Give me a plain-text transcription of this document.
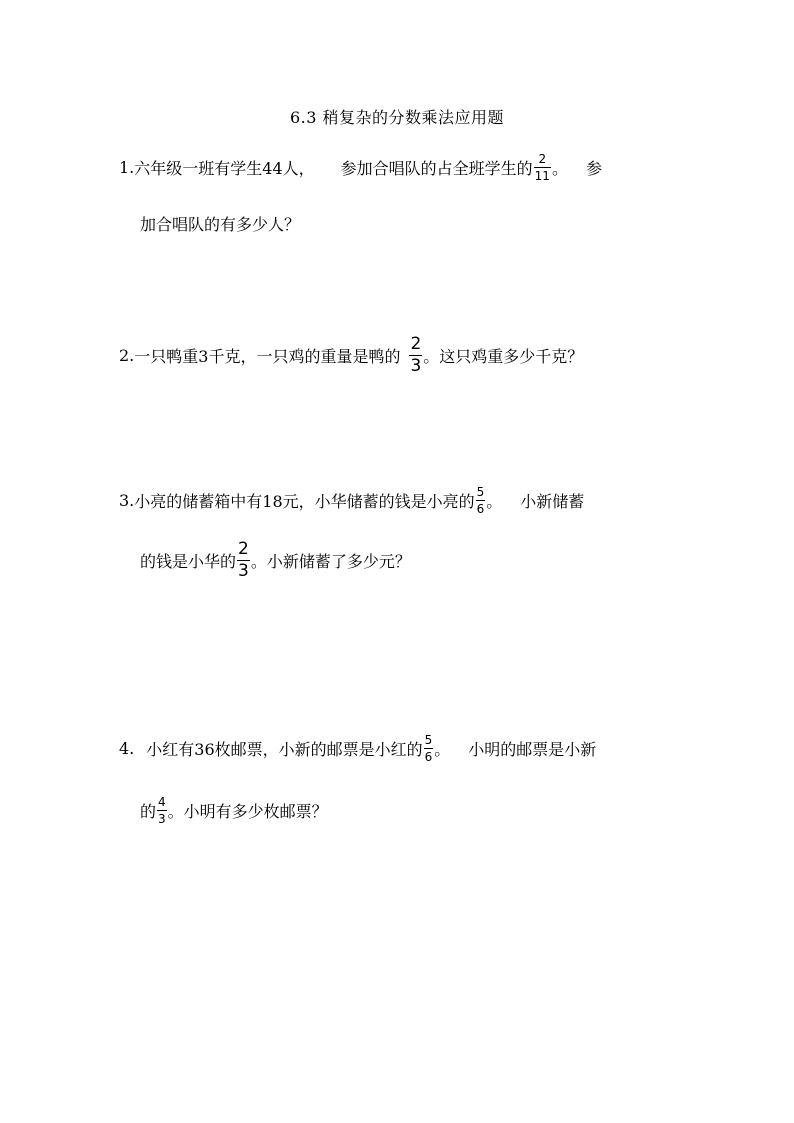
6.3 稍复杂的分数乘法应用题
1. 六年级一班有学生44人， 参加合唱队的占全班学生的 $\frac{2}{11}$ 。 参
加合唱队的有多少人？
2. 一只鸭重3千克，一只鸡的重量是鸭的 $\frac{2}{3}$ 。这只鸡重多少千克？
3. 小亮的储蓄箱中有18元，小华储蓄的钱是小亮的 $\frac{5}{6}$ 。 小新储蓄
的钱是小华的 $\frac{2}{3}$ 。小新储蓄了多少元？
4. 小红有36枚邮票，小新的邮票是小红的 $\frac{5}{6}$ 。 小明的邮票是小新
的 $\frac{4}{3}$ 。小明有多少枚邮票？
